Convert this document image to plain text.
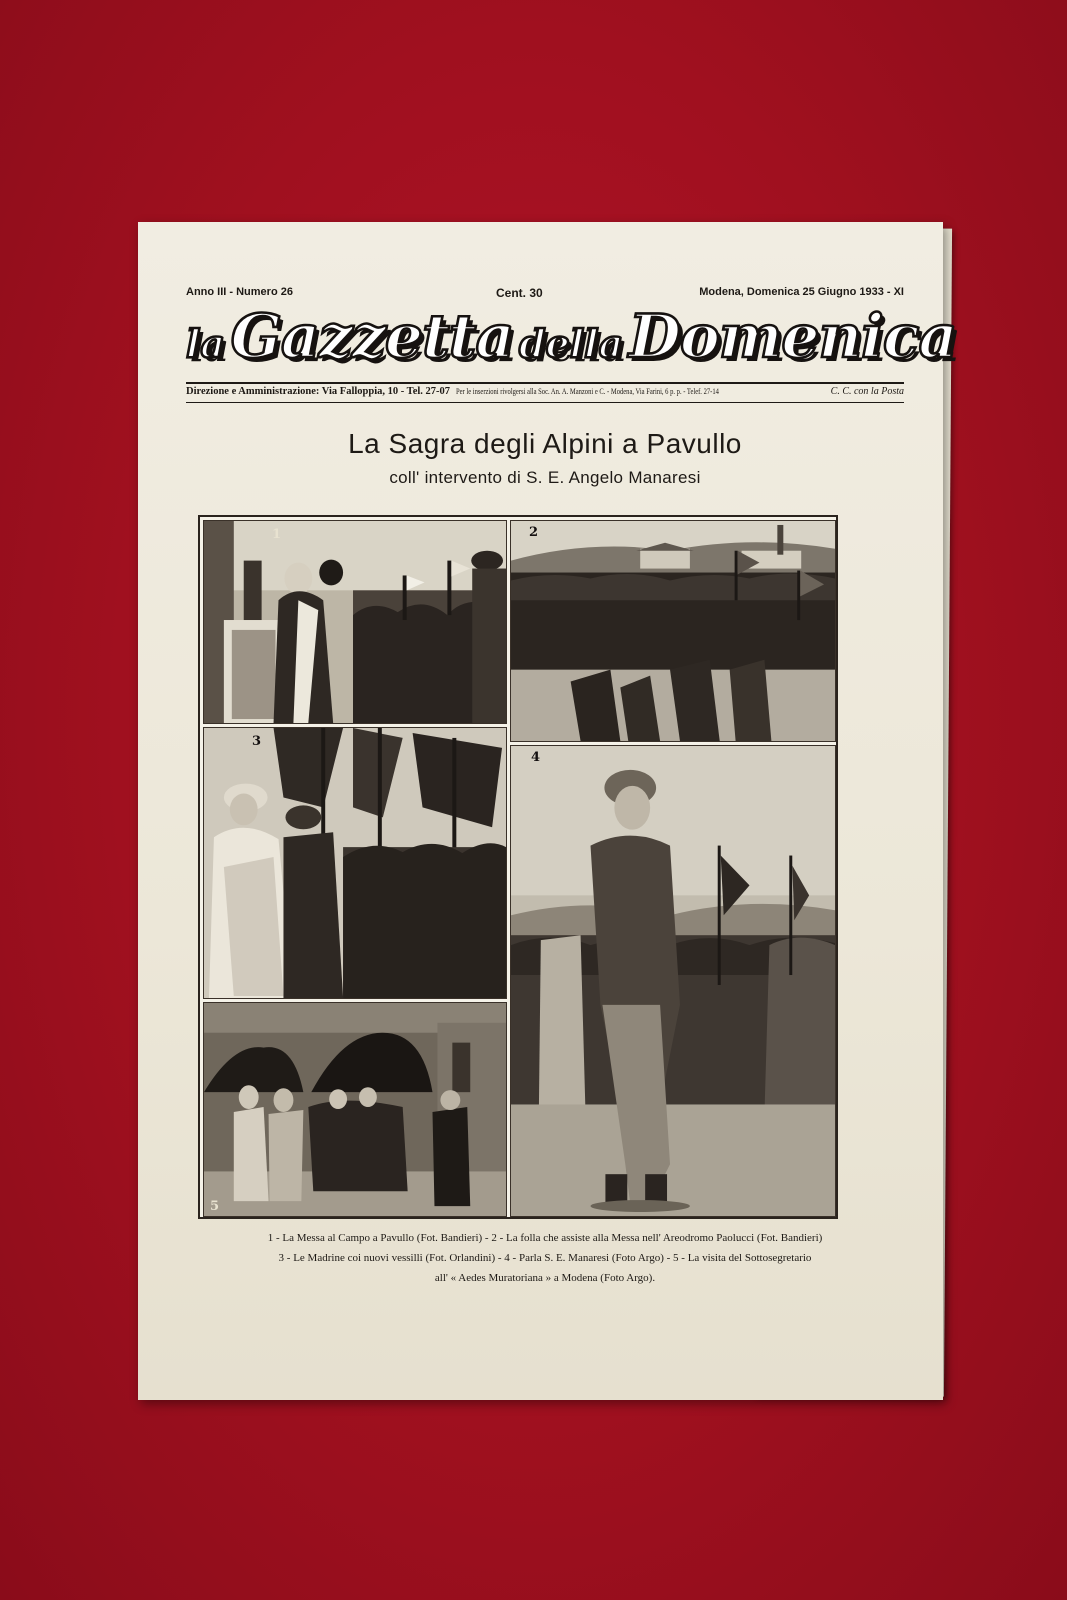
Anno III - Numero 26	Cent. 30	Modena, Domenica 25 Giugno 1933 - XI
la Gazzetta della Domenica
Direzione e Amministrazione: Via Falloppia, 10 - Tel. 27-07 Per le inserzioni rivolgersi alla Soc. An. A. Manzoni e C. - Modena, Via Farini, 6 p. p. - Telef. 27-14	C. C. con la Posta
La Sagra degli Alpini a Pavullo
coll' intervento di S. E. Angelo Manaresi
1	2
3
4
5
1 - La Messa al Campo a Pavullo (Fot. Bandieri) - 2 - La folla che assiste alla Messa nell' Areodromo Paolucci (Fot. Bandieri)
3 - Le Madrine coi nuovi vessilli (Fot. Orlandini) - 4 - Parla S. E. Manaresi (Foto Argo) - 5 - La visita del Sottosegretario
all' « Aedes Muratoriana » a Modena (Foto Argo).
